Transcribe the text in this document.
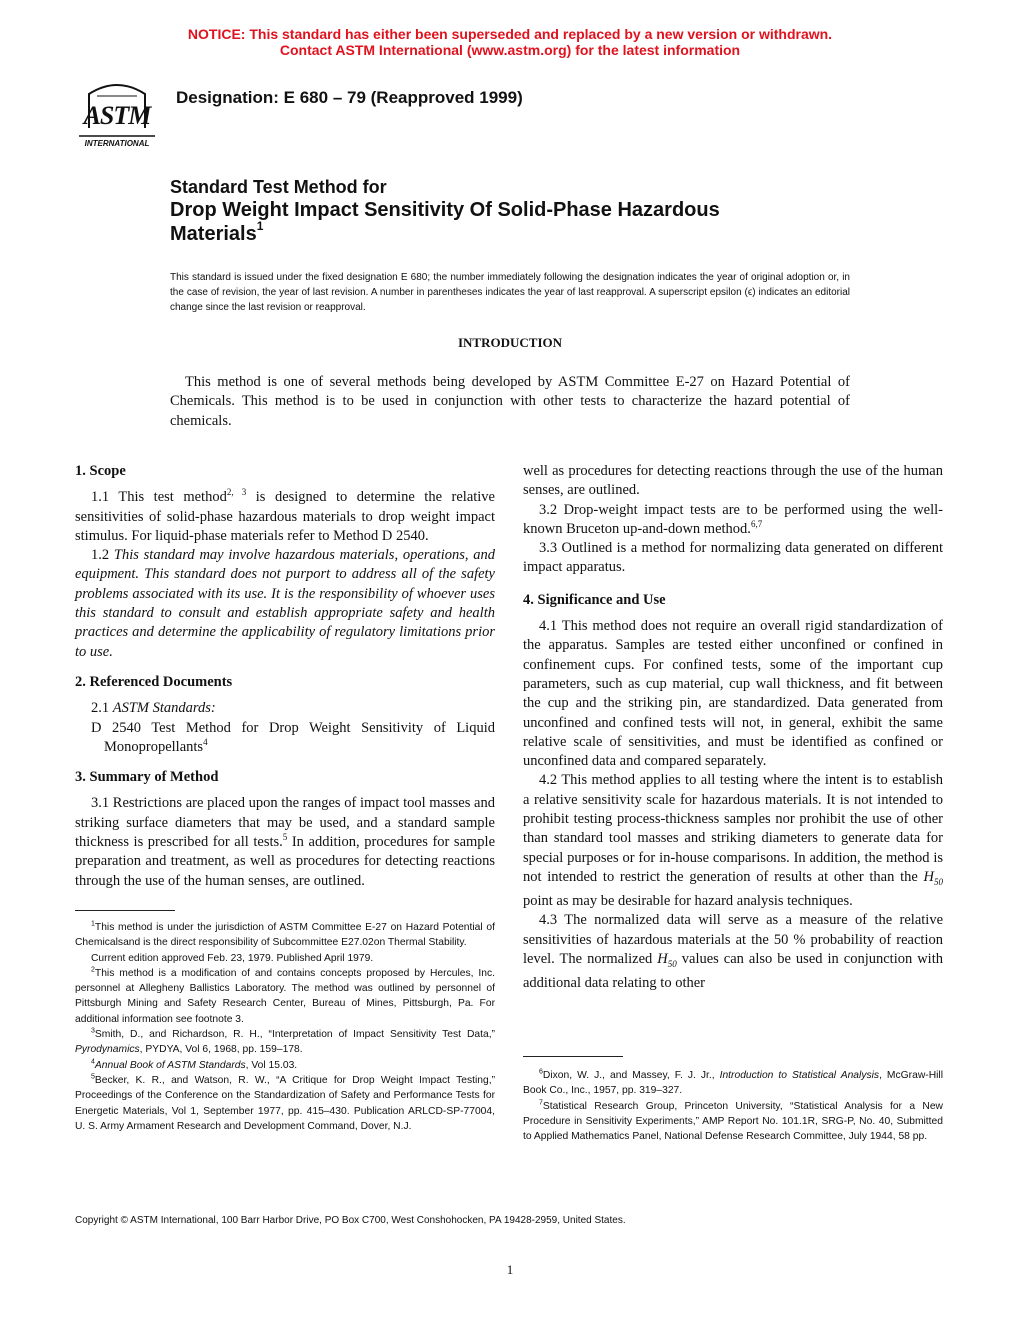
NOTICE: This standard has either been superseded and replaced by a new version or withdrawn.
Contact ASTM International (www.astm.org) for the latest information
ASTM
INTERNATIONAL
Designation: E 680 – 79 (Reapproved 1999)
Standard Test Method for
Drop Weight Impact Sensitivity Of Solid-Phase Hazardous
Materials$^1$
This standard is issued under the fixed designation E 680; the number immediately following the designation indicates the year of original adoption or, in the case of revision, the year of last revision. A number in parentheses indicates the year of last reapproval. A superscript epsilon (ϵ) indicates an editorial change since the last revision or reapproval.
INTRODUCTION
This method is one of several methods being developed by ASTM Committee E-27 on Hazard Potential of Chemicals. This method is to be used in conjunction with other tests to characterize the hazard potential of chemicals.
1. Scope

1.1 This test method$^{2, 3}$ is designed to determine the relative sensitivities of solid-phase hazardous materials to drop weight impact stimulus. For liquid-phase materials refer to Method D 2540.

1.2 This standard may involve hazardous materials, operations, and equipment. This standard does not purport to address all of the safety problems associated with its use. It is the responsibility of whoever uses this standard to consult and establish appropriate safety and health practices and determine the applicability of regulatory limitations prior to use.

2. Referenced Documents

2.1 ASTM Standards:

D 2540 Test Method for Drop Weight Sensitivity of Liquid Monopropellants$^4$

3. Summary of Method

3.1 Restrictions are placed upon the ranges of impact tool masses and striking surface diameters that may be used, and a standard sample thickness is prescribed for all tests.$^5$ In addition, procedures for sample preparation and treatment, as well as procedures for detecting reactions through the use of the human senses, are outlined.

well as procedures for detecting reactions through the use of the human senses, are outlined.

3.2 Drop-weight impact tests are to be performed using the well-known Bruceton up-and-down method.$^{6,7}$

3.3 Outlined is a method for normalizing data generated on different impact apparatus.

4. Significance and Use

4.1 This method does not require an overall rigid standardization of the apparatus. Samples are tested either unconfined or confined in confinement cups. For confined tests, some of the important cup parameters, such as cup material, cup wall thickness, and fit between the cup and the striking pin, are standardized. Data generated from unconfined and confined tests will not, in general, exhibit the same relative scale of sensitivities, and must be identified as confined or unconfined data and compared separately.

4.2 This method applies to all testing where the intent is to establish a relative sensitivity scale for hazardous materials. It is not intended to prohibit testing process-thickness samples nor prohibit the use of other than standard tool masses and striking diameters to generate data for special purposes or for in-house comparisons. In addition, the method is not intended to restrict the generation of results at other than the $H_{50}$ point as may be desirable for hazard analysis techniques.

4.3 The normalized data will serve as a measure of the relative sensitivities of hazardous materials at the 50 % probability of reaction level. The normalized $H_{50}$ values can also be used in conjunction with additional data relating to other

$^1$This method is under the jurisdiction of ASTM Committee E-27 on Hazard Potential of Chemicalsand is the direct responsibility of Subcommittee E27.02on Thermal Stability.

Current edition approved Feb. 23, 1979. Published April 1979.

$^2$This method is a modification of and contains concepts proposed by Hercules, Inc. personnel at Allegheny Ballistics Laboratory. The method was outlined by personnel of Pittsburgh Mining and Safety Research Center, Bureau of Mines, Pittsburgh, Pa. For additional information see footnote 3.

$^3$Smith, D., and Richardson, R. H., “Interpretation of Impact Sensitivity Test Data,” Pyrodynamics, PYDYA, Vol 6, 1968, pp. 159–178.

$^4$Annual Book of ASTM Standards, Vol 15.03.

$^5$Becker, K. R., and Watson, R. W., “A Critique for Drop Weight Impact Testing,” Proceedings of the Conference on the Standardization of Safety and Performance Tests for Energetic Materials, Vol 1, September 1977, pp. 415–430. Publication ARLCD-SP-77004, U. S. Army Armament Research and Development Command, Dover, N.J.

$^6$Dixon, W. J., and Massey, F. J. Jr., Introduction to Statistical Analysis, McGraw-Hill Book Co., Inc., 1957, pp. 319–327.

$^7$Statistical Research Group, Princeton University, “Statistical Analysis for a New Procedure in Sensitivity Experiments,” AMP Report No. 101.1R, SRG-P, No. 40, Submitted to Applied Mathematics Panel, National Defense Research Committee, July 1944, 58 pp.

Copyright © ASTM International, 100 Barr Harbor Drive, PO Box C700, West Conshohocken, PA 19428-2959, United States.
1
